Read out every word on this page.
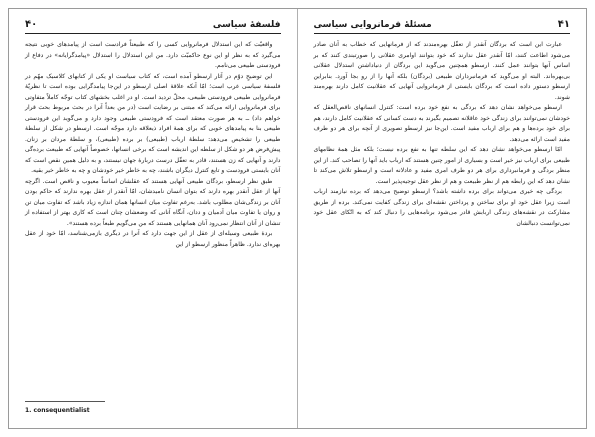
۴۰	فلسفهٔ سیاسی

واقعیّت که این استدلال فرمانروایی کسی را که طبیعتاً فرادست است از پیامدهای خوبی نتیجه می‌گیرد که به نظر او این نوع حاکمیّت دارد. من این استدلال را استدلال «پیامدگرایانه» در دفاع از فرودستی طبیعی می‌نامم.

این توضیحِ دوّم در آثار ارسطو آمده است، که کتاب سیاست او یکی از کتابهای کلاسیک مهّم در فلسفهٔ سیاسی غرب است؛ امّا آنکه علاقهٔ اصلی ارسطو در این‌جا پیامدگرایی بوده است تا نظریّهٔ فرمانروایی طبیعی فرودستی طبیعی، محلّ تردید است. او در اغلب بخشهای کتاب توجّه کاملاً متفاوتی برای فرمانروایی ارائه می‌کند که مبتنی بر رضایت است (در من بعداً آنرا در بحث مربوط بحث قرار خواهم داد) ــ به هر صورت معتقد است که فرودستی طبیعی وجود دارد و می‌گوید این فرودستی طبیعی بنا به پیامدهای خوبی که برای همهٔ افراد ذیعلاقه دارد موجّه است. ارسطو در شکل از سلطهٔ طبیعی را تشخیص می‌دهد: سلطهٔ ارباب (طبیعی) بر برده (طبیعی)، و سلطهٔ مردان بر زنان. پیش‌فرض هر دو شکل از سلطه این اندیشه است که برخی انسانها، خصوصاً آنهایی که طبیعت برده‌گی دارند و آنهایی که زن هستند، قادر به تعقّل درست دربارهٔ جهان نیستند، و به دلیل همین نقص است که آنان بایستی فرودست و تابع کنترل دیگران باشند، چه به خاطر خیر خودشان و چه به خاطر خیر بقیه.

طبق نظر ارسطو، بردگان طبیعی آنهایی هستند که عقلشان اساساً معیوب و ناقص است. اگرچه آنها از عقل آنقدر بهره دارند که بتوان انسان نامیدشان، امّا آنقدر از عقل بهره ندارند که حاکم بودن آنان بر زندگی‌شان مطلوب باشد. به‌رغم تفاوت میان انسانها همان اندازه زیاد باشد که تفاوت میان تن و روان یا تفاوت میان آدمیان و ددان، آنگاه آنانی که وضعشان چنان است که کاری بهتر از استفاده از تنشان از آنان انتظار نمی‌رود آنان همانهایی هستند که من می‌گویم طبعاً برده هستند».

بردهٔ طبیعی وسیله‌ای از عقل از این جهت دارد که آنرا در دیگری بازمی‌شناسد، امّا خود از عقل بهره‌ای ندارد. ظاهراً منظور ارسطو از این

1. consequentialist
مسئلهٔ فرمانروایی سیاسی	۴۱

عبارت این است که بردگان آنقدر از تعقّل بهره‌مندند که از فرمانهایی که خطاب به آنان صادر می‌شود اطاعت کنند، امّا آنقدر عقل ندارند که خود بتوانند اوامری عقلانی را صورتبندی کنند که بر اساس آنها بتوانند عمل کنند. ارسطو همچنین می‌گوید این بردگان از دنیاداشتن استدلال عقلانی بی‌بهره‌اند. البته او می‌گوید که فرمانبرداران طبیعی (بردگان) بلکه آنها را از رو بجا آورد. بنابراین ارسطو دستور داده است که بردگان بایستی از فرمانروایی آنهایی که عقلانیت کامل دارند بهره‌مند شوند.

ارسطو می‌خواهد نشان دهد که بردگی به نفع خود برده است: کنترل انسانهای ناقص‌العقل که خودشان نمی‌توانند برای زندگی خود عاقلانه تصمیم بگیرند به دست کسانی که عقلانیت کامل دارند، هم برای خود برده‌ها و هم برای ارباب مفید است. این‌جا نیز ارسطو تصویری از آنچه برای هر دو طرف مفید است ارائه می‌دهد.

امّا ارسطو می‌خواهد نشان دهد که این سلطه تنها به نفع برده نیست؛ بلکه مثل همهٔ نظامهای طبیعی برای ارباب نیز خیر است و بسیاری از امور چنین هستند که ارباب باید آنها را تصاحب کند. از این منظر بردگی و فرمانبرداری برای هر دو طرف امری مفید و عادلانه است و ارسطو تلاش می‌کند تا نشان دهد که این رابطه هم از نظر طبیعت و هم از نظر عقل توجیه‌پذیر است.

بردگی چه خیری می‌تواند برای برده داشته باشد؟ ارسطو توضیح می‌دهد که برده نیازمند ارباب است زیرا عقل خود او برای ساختن و پرداختن نقشه‌ای برای زندگی کفایت نمی‌کند. برده از طریق مشارکت در نقشه‌های زندگی اربابش قادر می‌شود برنامه‌هایی را دنبال کند که به اتّکای عقل خود نمی‌توانست دنبالشان
